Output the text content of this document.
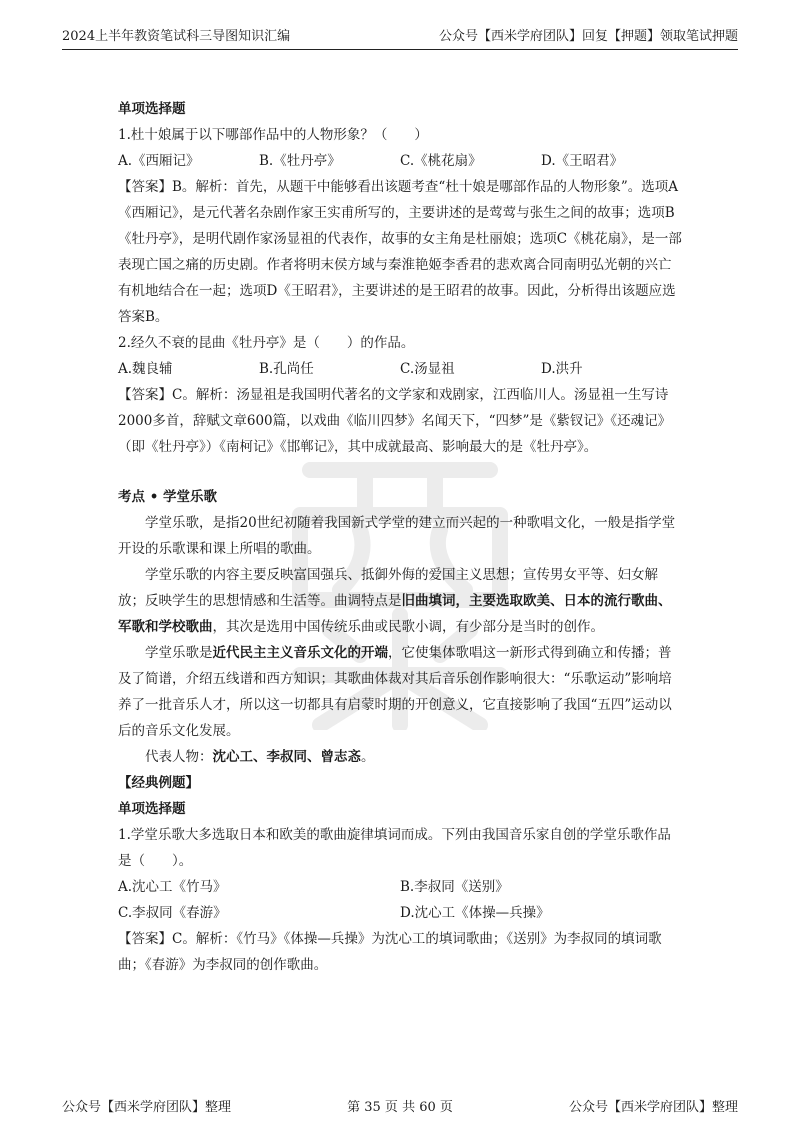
2024上半年教资笔试科三导图知识汇编	公众号【西米学府团队】回复【押题】领取笔试押题

单项选择题

1.杜十娘属于以下哪部作品中的人物形象？（　　）

A.《西厢记》	B.《牡丹亭》	C.《桃花扇》	D.《王昭君》

【答案】B。解析：首先，从题干中能够看出该题考查“杜十娘是哪部作品的人物形象”。选项A《西厢记》，是元代著名杂剧作家王实甫所写的，主要讲述的是莺莺与张生之间的故事；选项B《牡丹亭》，是明代剧作家汤显祖的代表作，故事的女主角是杜丽娘；选项C《桃花扇》，是一部表现亡国之痛的历史剧。作者将明末侯方域与秦淮艳姬李香君的悲欢离合同南明弘光朝的兴亡有机地结合在一起；选项D《王昭君》，主要讲述的是王昭君的故事。因此，分析得出该题应选答案B。

2.经久不衰的昆曲《牡丹亭》是（　　）的作品。

A.魏良辅	B.孔尚任	C.汤显祖	D.洪升

【答案】C。解析：汤显祖是我国明代著名的文学家和戏剧家，江西临川人。汤显祖一生写诗2000多首，辞赋文章600篇，以戏曲《临川四梦》名闻天下，“四梦”是《紫钗记》《还魂记》（即《牡丹亭》）《南柯记》《邯郸记》，其中成就最高、影响最大的是《牡丹亭》。

考点 • 学堂乐歌

学堂乐歌，是指20世纪初随着我国新式学堂的建立而兴起的一种歌唱文化，一般是指学堂开设的乐歌课和课上所唱的歌曲。

学堂乐歌的内容主要反映富国强兵、抵御外侮的爱国主义思想；宣传男女平等、妇女解放；反映学生的思想情感和生活等。曲调特点是旧曲填词，主要选取欧美、日本的流行歌曲、军歌和学校歌曲，其次是选用中国传统乐曲或民歌小调，有少部分是当时的创作。

学堂乐歌是近代民主主义音乐文化的开端，它使集体歌唱这一新形式得到确立和传播；普及了简谱，介绍五线谱和西方知识；其歌曲体裁对其后音乐创作影响很大：“乐歌运动”影响培养了一批音乐人才，所以这一切都具有启蒙时期的开创意义，它直接影响了我国“五四”运动以后的音乐文化发展。

代表人物：沈心工、李叔同、曾志忞。

【经典例题】

单项选择题

1.学堂乐歌大多选取日本和欧美的歌曲旋律填词而成。下列由我国音乐家自创的学堂乐歌作品是（　　）。

A.沈心工《竹马》	B.李叔同《送别》

C.李叔同《春游》	D.沈心工《体操—兵操》

【答案】C。解析：《竹马》《体操—兵操》为沈心工的填词歌曲；《送别》为李叔同的填词歌曲；《春游》为李叔同的创作歌曲。

公众号【西米学府团队】整理	第 35 页 共 60 页	公众号【西米学府团队】整理
